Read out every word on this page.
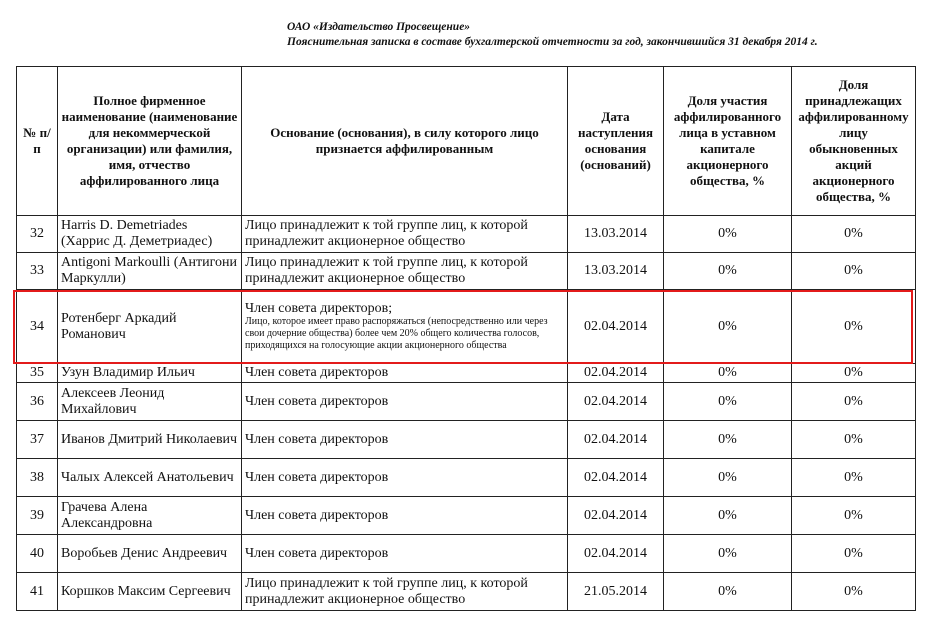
ОАО «Издательство Просвещение»
Пояснительная записка в составе бухгалтерской отчетности за год, закончившийся 31 декабря 2014 г.
№ п/п	Полное фирменное наименование (наименование для некоммерческой организации) или фамилия, имя, отчество аффилированного лица	Основание (основания), в силу которого лицо признается аффилированным	Дата наступления основания (оснований)	Доля участия аффилированного лица в уставном капитале акционерного общества, %	Доля принадлежащих аффилированному лицу обыкновенных акций акционерного общества, %
32	Harris D. Demetriades (Харрис Д. Деметриадес)	Лицо принадлежит к той группе лиц, к которой принадлежит акционерное общество	13.03.2014	0%	0%
33	Antigoni Markoulli (Антигони Маркулли)	Лицо принадлежит к той группе лиц, к которой принадлежит акционерное общество	13.03.2014	0%	0%
34	Ротенберг Аркадий Романович	Член совета директоров;
Лицо, которое имеет право распоряжаться (непосредственно или через свои дочерние общества) более чем 20% общего количества голосов, приходящихся на голосующие акции акционерного общества	02.04.2014	0%	0%
35	Узун Владимир Ильич	Член совета директоров	02.04.2014	0%	0%
36	Алексеев Леонид Михайлович	Член совета директоров	02.04.2014	0%	0%
37	Иванов Дмитрий Николаевич	Член совета директоров	02.04.2014	0%	0%
38	Чалых Алексей Анатольевич	Член совета директоров	02.04.2014	0%	0%
39	Грачева Алена Александровна	Член совета директоров	02.04.2014	0%	0%
40	Воробьев Денис Андреевич	Член совета директоров	02.04.2014	0%	0%
41	Коршков Максим Сергеевич	Лицо принадлежит к той группе лиц, к которой принадлежит акционерное общество	21.05.2014	0%	0%
